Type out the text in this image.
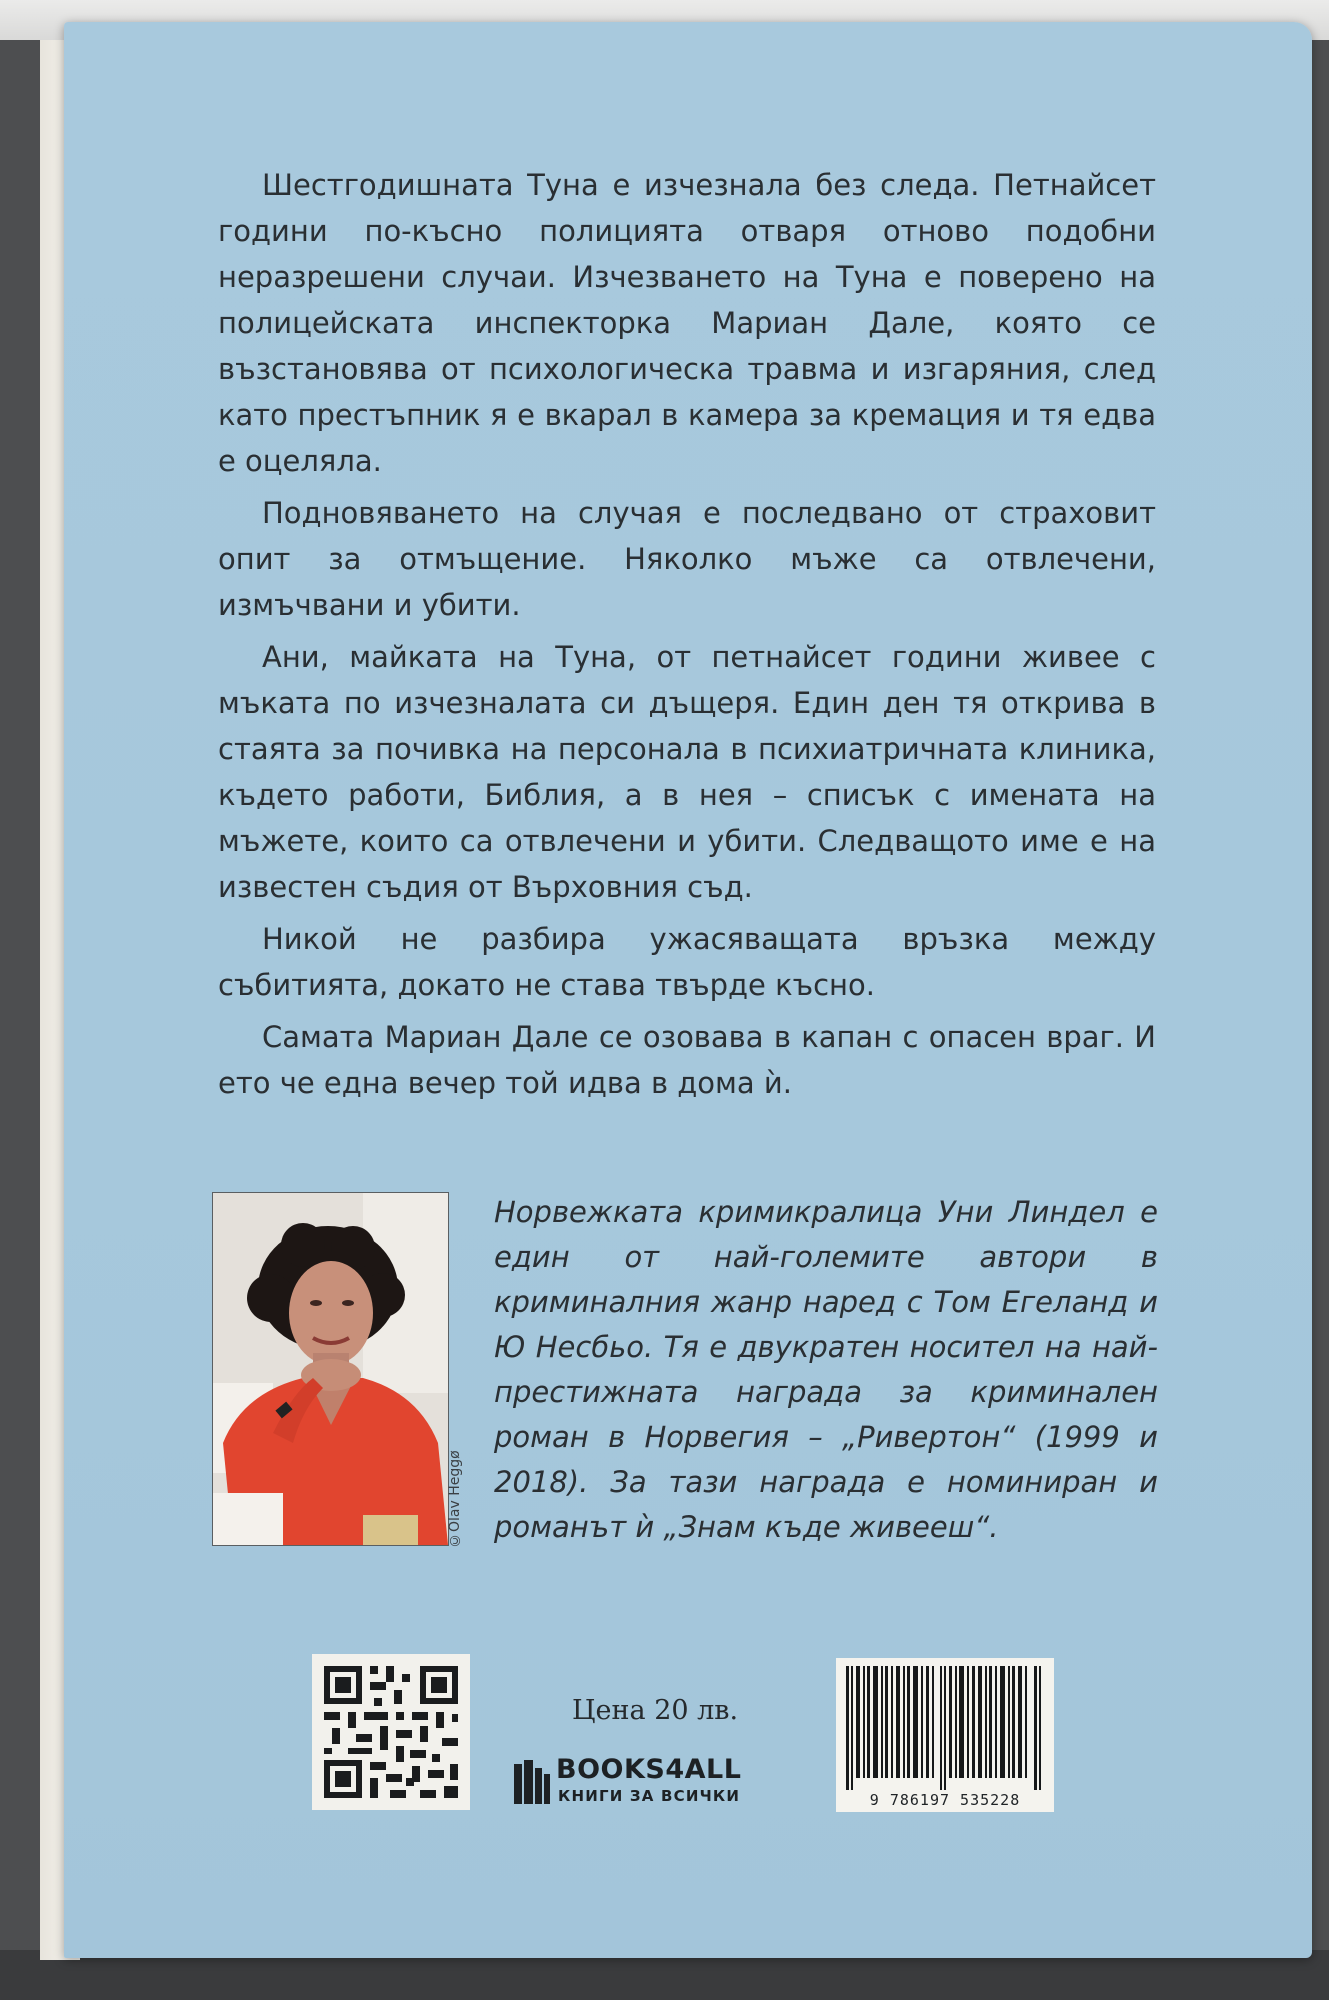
Шестгодишната Туна е изчезнала без следа. Петнайсет години по-късно полицията отваря отново подобни неразрешени случаи. Изчезването на Туна е поверено на полицейската инспекторка Мариан Дале, която се възстановява от психологическа травма и изгаряния, след като престъпник я е вкарал в камера за кремация и тя едва е оцеляла.

Подновяването на случая е последвано от страховит опит за отмъщение. Няколко мъже са отвлечени, измъчвани и убити.

Ани, майката на Туна, от петнайсет години живее с мъката по изчезналата си дъщеря. Един ден тя открива в стаята за почивка на персонала в психиатричната клиника, където работи, Библия, а в нея – списък с имената на мъжете, които са отвлечени и убити. Следващото име е на известен съдия от Върховния съд.

Никой не разбира ужасяващата връзка между събитията, докато не става твърде късно.

Самата Мариан Дале се озовава в капан с опасен враг. И ето че една вечер той идва в дома ѝ.

©Olav Heggø

Норвежката кримикралица Уни Линдел е един от най-големите автори в криминалния жанр наред с Том Егеланд и Ю Несбьо. Тя е двукратен носител на най-престижната награда за криминален роман в Норвегия – „Ривертон“ (1999 и 2018). За тази награда е номиниран и романът ѝ „Знам къде живееш“.

Цена 20 лв.
BOOKS4ALL
КНИГИ ЗА ВСИЧКИ	9 786197 535228
